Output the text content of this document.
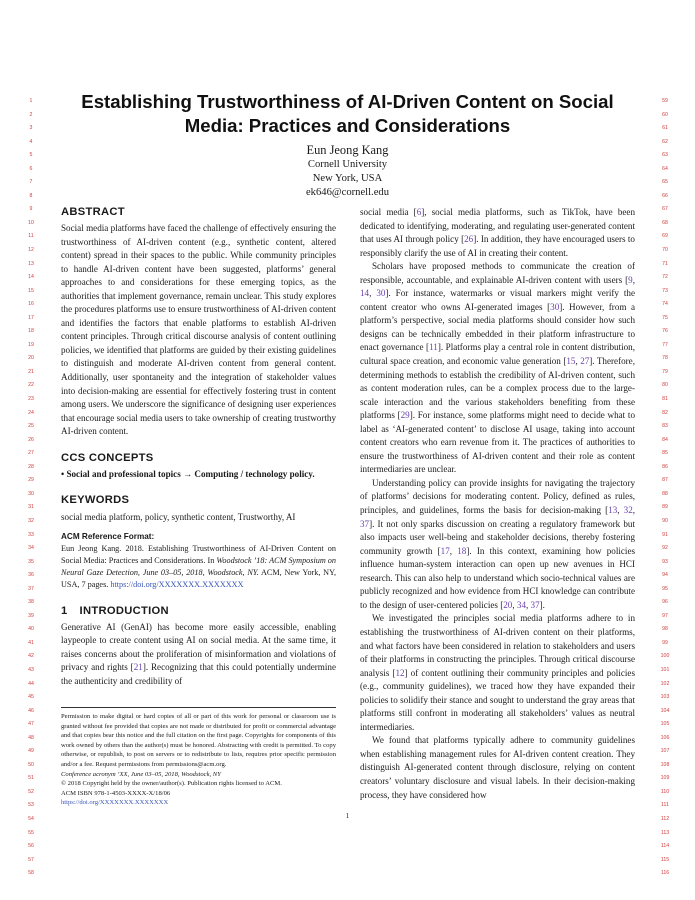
1
2
3
4
5
6
7
8
9
10
11
12
13
14
15
16
17
18
19
20
21
22
23
24
25
26
27
28
29
30
31
32
33
34
35
36
37
38
39
40
41
42
43
44
45
46
47
48
49
50
51
52
53
54
55
56
57
58
59
60
61
62
63
64
65
66
67
68
69
70
71
72
73
74
75
76
77
78
79
80
81
82
83
84
85
86
87
88
89
90
91
92
93
94
95
96
97
98
99
100
101
102
103
104
105
106
107
108
109
110
111
112
113
114
115
116
Establishing Trustworthiness of AI-Driven Content on Social
Media: Practices and Considerations
Eun Jeong Kang
Cornell University
New York, USA
ek646@cornell.edu
ABSTRACT

Social media platforms have faced the challenge of effectively ensuring the trustworthiness of AI-driven content (e.g., synthetic content, altered content) spread in their spaces to the public. While community principles to handle AI-driven content have been suggested, platforms’ general approaches to and considerations for these emerging topics, as the authorities that implement governance, remain unclear. This study explores the procedures platforms use to ensure trustworthiness of AI-driven content and identifies the factors that enable platforms to establish AI-driven content principles. Through critical discourse analysis of content outlining policies, we identified that platforms are guided by their existing guidelines to distinguish and moderate AI-driven content from general content. Additionally, user spontaneity and the integration of stakeholder values into decision-making are essential for effectively fostering trust in content among users. We underscore the significance of designing user experiences that encourage social media users to take ownership of creating trustworthy AI-driven content.

CCS CONCEPTS

• Social and professional topics → Computing / technology policy.

KEYWORDS

social media platform, policy, synthetic content, Trustworthy, AI

ACM Reference Format:

Eun Jeong Kang. 2018. Establishing Trustworthiness of AI-Driven Content on Social Media: Practices and Considerations. In Woodstock ’18: ACM Symposium on Neural Gaze Detection, June 03–05, 2018, Woodstock, NY. ACM, New York, NY, USA, 7 pages. https://doi.org/XXXXXXX.XXXXXXX

1 INTRODUCTION

Generative AI (GenAI) has become more easily accessible, enabling laypeople to create content using AI on social media. At the same time, it raises concerns about the proliferation of misinformation and violations of privacy and rights [21]. Recognizing that this could potentially undermine the authenticity and credibility of

Permission to make digital or hard copies of all or part of this work for personal or classroom use is granted without fee provided that copies are not made or distributed for profit or commercial advantage and that copies bear this notice and the full citation on the first page. Copyrights for components of this work owned by others than the author(s) must be honored. Abstracting with credit is permitted. To copy otherwise, or republish, to post on servers or to redistribute to lists, requires prior specific permission and/or a fee. Request permissions from permissions@acm.org.

Conference acronym ’XX, June 03–05, 2018, Woodstock, NY

© 2018 Copyright held by the owner/author(s). Publication rights licensed to ACM.

ACM ISBN 978-1-4503-XXXX-X/18/06

https://doi.org/XXXXXXX.XXXXXXX

social media [6], social media platforms, such as TikTok, have been dedicated to identifying, moderating, and regulating user-generated content that uses AI through policy [26]. In addition, they have encouraged users to responsibly clarify the use of AI in creating their content.

Scholars have proposed methods to communicate the creation of responsible, accountable, and explainable AI-driven content with users [9, 14, 30]. For instance, watermarks or visual markers might verify the content creator who owns AI-generated images [30]. However, from a platform’s perspective, social media platforms should consider how such designs can be technically embedded in their platform infrastructure to enact governance [11]. Platforms play a central role in content distribution, cultural space creation, and economic value generation [15, 27]. Therefore, determining methods to establish the credibility of AI-driven content, such as content moderation rules, can be a complex process due to the large-scale interaction and the various stakeholders benefiting from these platforms [29]. For instance, some platforms might need to decide what to label as ‘AI-generated content’ to disclose AI usage, taking into account content creators who earn revenue from it. The practices of authorities to ensure the trustworthiness of AI-driven content and their role as content intermediaries are unclear.

Understanding policy can provide insights for navigating the trajectory of platforms’ decisions for moderating content. Policy, defined as rules, principles, and guidelines, forms the basis for decision-making [13, 32, 37]. It not only sparks discussion on creating a regulatory framework but also impacts user well-being and stakeholder decisions, thereby fostering community growth [17, 18]. In this context, examining how policies influence human-system interaction can open up new avenues in HCI research. This can also help to understand which socio-technical values are publicly recognized and how evidence from HCI knowledge can contribute to the design of user-centered policies [20, 34, 37].

We investigated the principles social media platforms adhere to in establishing the trustworthiness of AI-driven content on their platforms, and what factors have been considered in relation to stakeholders and users of their platforms in constructing the principles. Through critical discourse analysis [12] of content outlining their community principles and policies (e.g., community guidelines), we traced how they have expanded their policies to solidify their stance and sought to understand the gray areas that platforms still confront in moderating all stakeholders’ values as neutral intermediaries.

We found that platforms typically adhere to community guidelines when establishing management rules for AI-driven content creation. They distinguish AI-generated content through disclosure, relying on content creators’ voluntary disclosure and visual labels. In their decision-making process, they have considered how

1
